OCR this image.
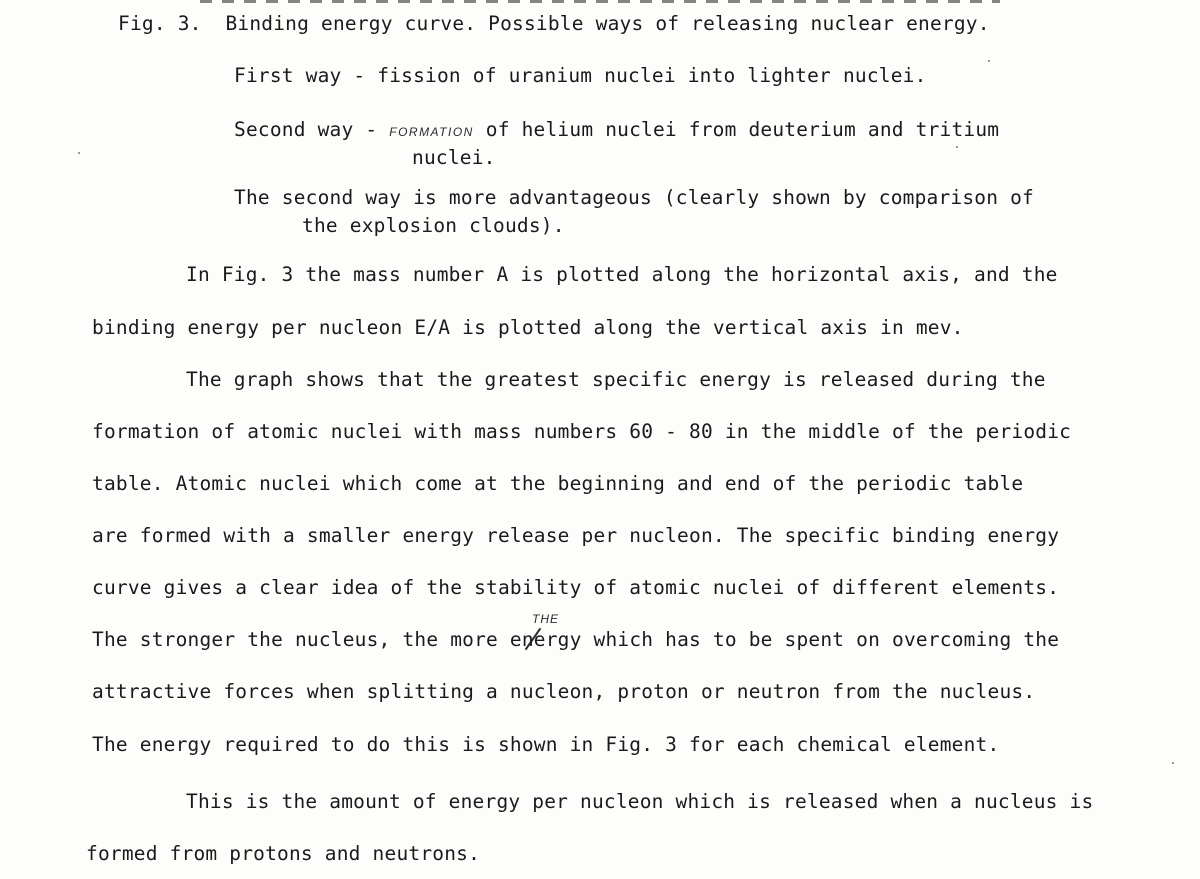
Fig. 3. Binding energy curve. Possible ways of releasing nuclear energy.
First way - fission of uranium nuclei into lighter nuclei.
Second way - FORMATION of helium nuclei from deuterium and tritium
nuclei.
The second way is more advantageous (clearly shown by comparison of
the explosion clouds).
In Fig. 3 the mass number A is plotted along the horizontal axis, and the
binding energy per nucleon E/A is plotted along the vertical axis in mev.
The graph shows that the greatest specific energy is released during the
formation of atomic nuclei with mass numbers 60 - 80 in the middle of the periodic
table. Atomic nuclei which come at the beginning and end of the periodic table
are formed with a smaller energy release per nucleon. The specific binding energy
curve gives a clear idea of the stability of atomic nuclei of different elements.
THE
The stronger the nucleus, the more energy which has to be spent on overcoming the
attractive forces when splitting a nucleon, proton or neutron from the nucleus.
The energy required to do this is shown in Fig. 3 for each chemical element.
This is the amount of energy per nucleon which is released when a nucleus is
formed from protons and neutrons.
